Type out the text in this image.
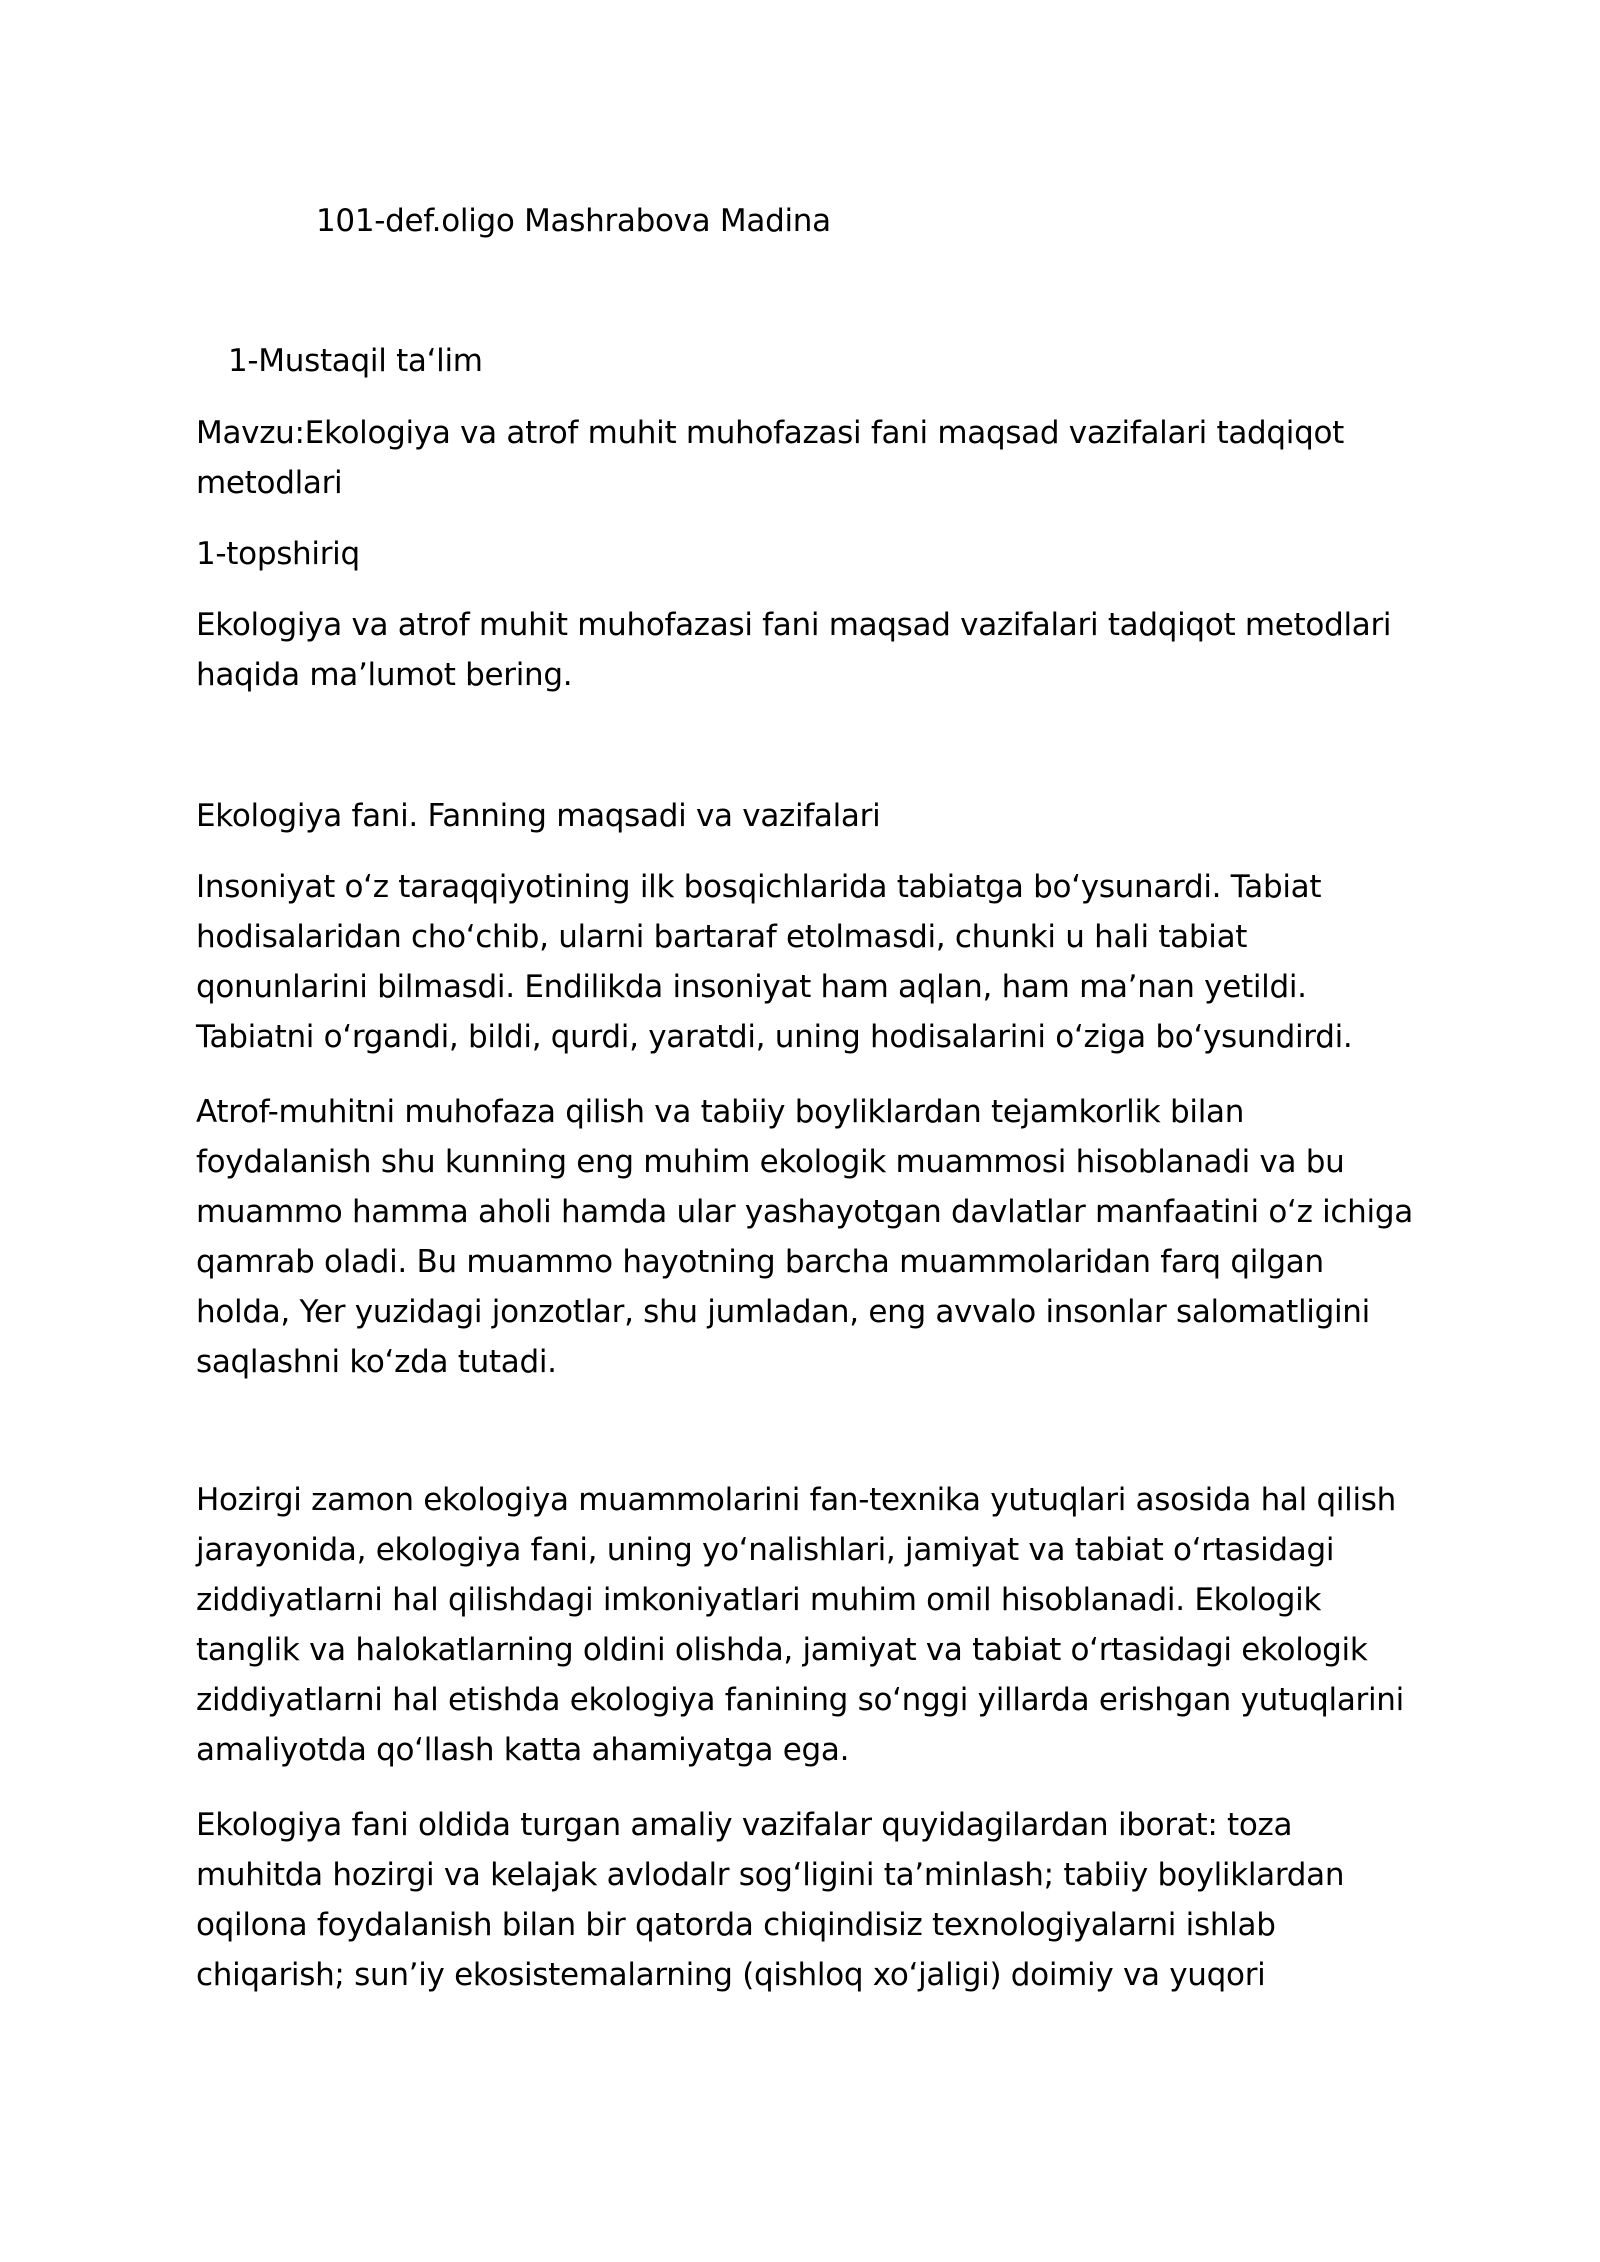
101-def.oligo Mashrabova Madina

1-Mustaqil taʻlim

Mavzu:Ekologiya va atrof muhit muhofazasi fani maqsad vazifalari tadqiqot metodlari

1-topshiriq

Ekologiya va atrof muhit muhofazasi fani maqsad vazifalari tadqiqot metodlari haqida ma’lumot bering.

Ekologiya fani. Fanning maqsadi va vazifalari

Insoniyat oʻz taraqqiyotining ilk bosqichlarida tabiatga boʻysunardi. Tabiat hodisalaridan choʻchib, ularni bartaraf etolmasdi, chunki u hali tabiat qonunlarini bilmasdi. Endilikda insoniyat ham aqlan, ham ma’nan yetildi. Tabiatni oʻrgandi, bildi, qurdi, yaratdi, uning hodisalarini oʻziga boʻysundirdi.

Atrof-muhitni muhofaza qilish va tabiiy boyliklardan tejamkorlik bilan foydalanish shu kunning eng muhim ekologik muammosi hisoblanadi va bu muammo hamma aholi hamda ular yashayotgan davlatlar manfaatini oʻz ichiga qamrab oladi. Bu muammo hayotning barcha muammolaridan farq qilgan holda, Yer yuzidagi jonzotlar, shu jumladan, eng avvalo insonlar salomatligini saqlashni koʻzda tutadi.

Hozirgi zamon ekologiya muammolarini fan-texnika yutuqlari asosida hal qilish jarayonida, ekologiya fani, uning yoʻnalishlari, jamiyat va tabiat oʻrtasidagi ziddiyatlarni hal qilishdagi imkoniyatlari muhim omil hisoblanadi. Ekologik tanglik va halokatlarning oldini olishda, jamiyat va tabiat oʻrtasidagi ekologik ziddiyatlarni hal etishda ekologiya fanining soʻnggi yillarda erishgan yutuqlarini amaliyotda qoʻllash katta ahamiyatga ega.

Ekologiya fani oldida turgan amaliy vazifalar quyidagilardan iborat: toza muhitda hozirgi va kelajak avlodalr sogʻligini ta’minlash; tabiiy boyliklardan oqilona foydalanish bilan bir qatorda chiqindisiz texnologiyalarni ishlab chiqarish; sun’iy ekosistemalarning (qishloq xoʻjaligi) doimiy va yuqori
